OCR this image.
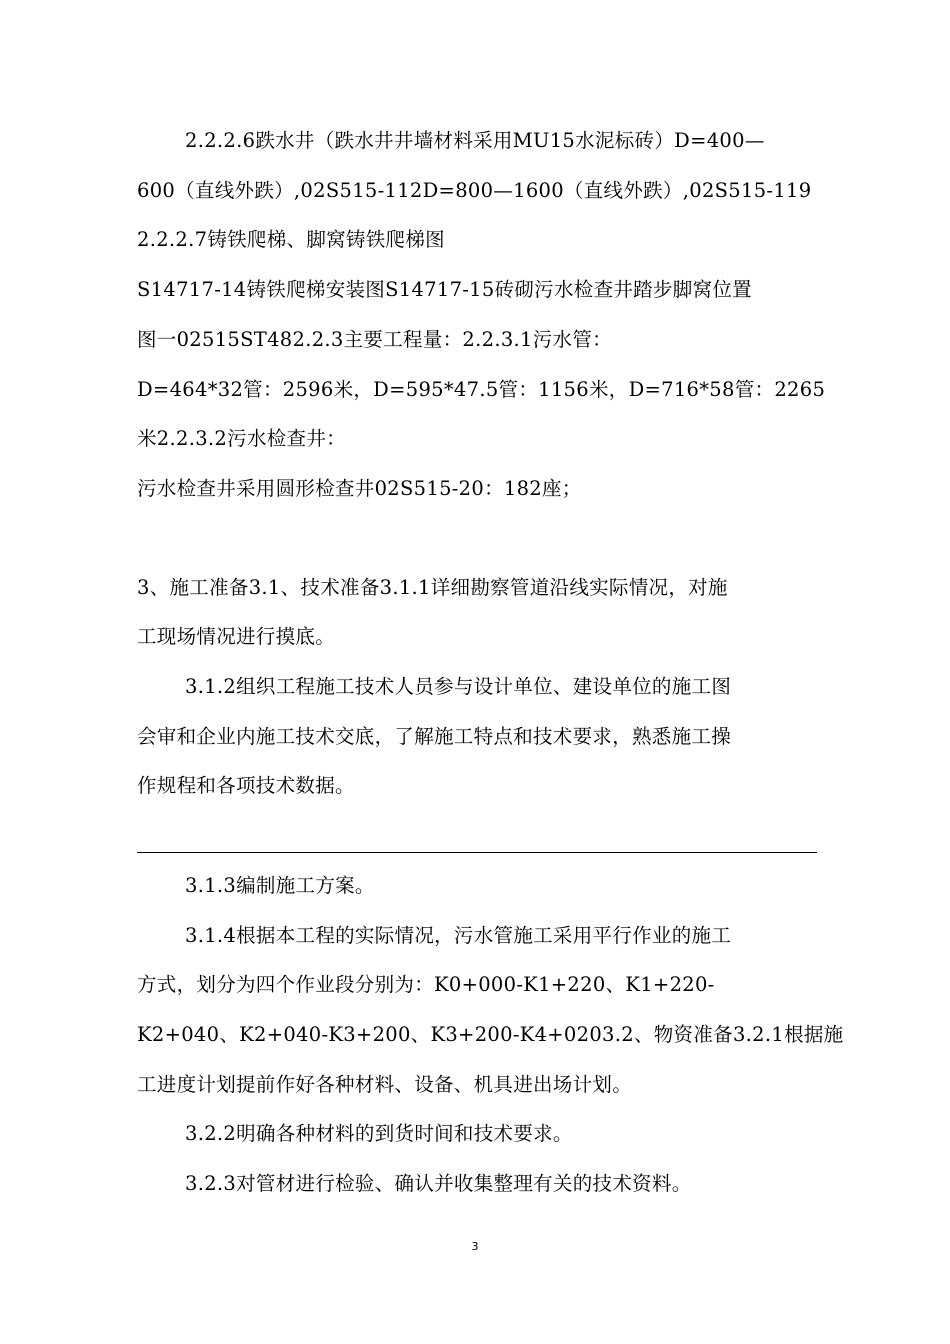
2.2.2.6跌水井（跌水井井墙材料采用MU15水泥标砖）D=400—
600（直线外跌）,02S515-112D=800—1600（直线外跌）,02S515-119
2.2.2.7铸铁爬梯、脚窝铸铁爬梯图
S14717-14铸铁爬梯安装图S14717-15砖砌污水检查井踏步脚窝位置
图一02515ST482.2.3主要工程量：2.2.3.1污水管：
D=464*32管：2596米，D=595*47.5管：1156米，D=716*58管：2265
米2.2.3.2污水检查井：
污水检查井采用圆形检查井02S515-20：182座；
3、施工准备3.1、技术准备3.1.1详细勘察管道沿线实际情况，对施
工现场情况进行摸底。
3.1.2组织工程施工技术人员参与设计单位、建设单位的施工图
会审和企业内施工技术交底，了解施工特点和技术要求，熟悉施工操
作规程和各项技术数据。
3.1.3编制施工方案。
3.1.4根据本工程的实际情况，污水管施工采用平行作业的施工
方式，划分为四个作业段分别为：K0+000-K1+220、K1+220-
K2+040、K2+040-K3+200、K3+200-K4+0203.2、物资准备3.2.1根据施
工进度计划提前作好各种材料、设备、机具进出场计划。
3.2.2明确各种材料的到货时间和技术要求。
3.2.3对管材进行检验、确认并收集整理有关的技术资料。
3
